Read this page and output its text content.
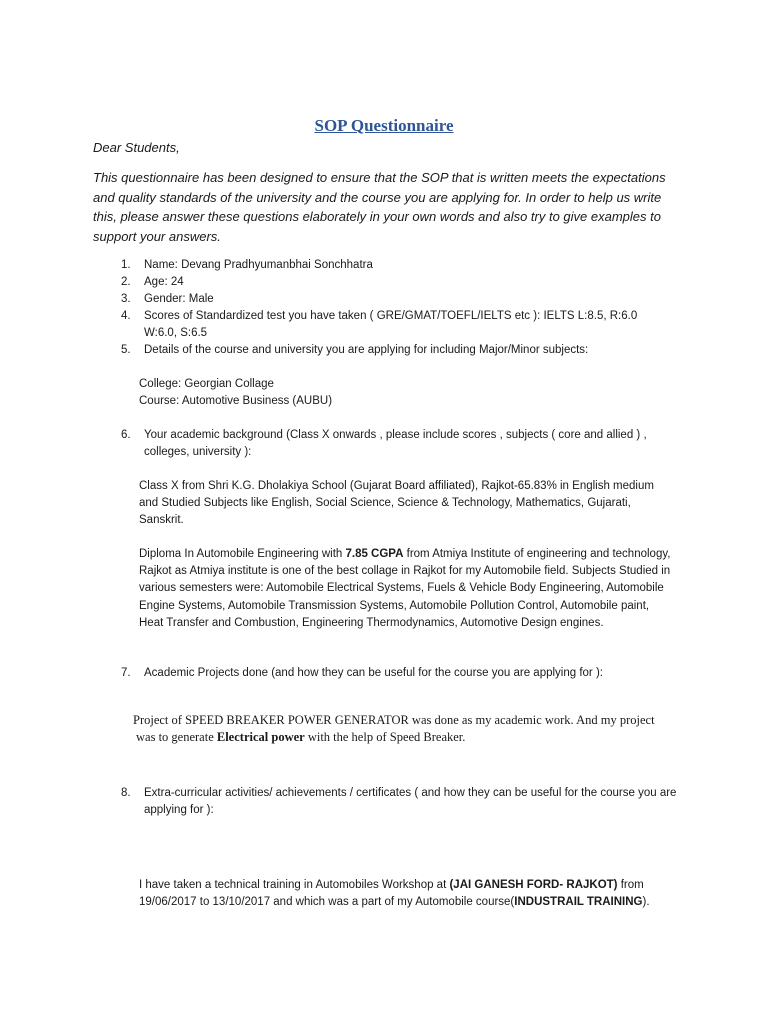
SOP Questionnaire
Dear Students,
This questionnaire has been designed to ensure that the SOP that is written meets the expectations and quality standards of the university and the course you are applying for. In order to help us write this, please answer these questions elaborately in your own words and also try to give examples to support your answers.
1.	Name: Devang Pradhyumanbhai Sonchhatra
2.	Age: 24
3.	Gender: Male
4.	Scores of Standardized test you have taken ( GRE/GMAT/TOEFL/IELTS etc ): IELTS L:8.5, R:6.0 W:6.0, S:6.5
5.	Details of the course and university you are applying for including Major/Minor subjects:
College: Georgian Collage
Course: Automotive Business (AUBU)
6.	Your academic background (Class X onwards , please include scores , subjects ( core and allied ) , colleges, university ):
Class X from Shri K.G. Dholakiya School (Gujarat Board affiliated), Rajkot-65.83% in English medium and Studied Subjects like English, Social Science, Science & Technology, Mathematics, Gujarati, Sanskrit.
Diploma In Automobile Engineering with 7.85 CGPA from Atmiya Institute of engineering and technology, Rajkot as Atmiya institute is one of the best collage in Rajkot for my Automobile field. Subjects Studied in various semesters were: Automobile Electrical Systems, Fuels & Vehicle Body Engineering, Automobile Engine Systems, Automobile Transmission Systems, Automobile Pollution Control, Automobile paint, Heat Transfer and Combustion, Engineering Thermodynamics, Automotive Design engines.
7.	Academic Projects done (and how they can be useful for the course you are applying for ):
Project of SPEED BREAKER POWER GENERATOR was done as my academic work. And my project
was to generate Electrical power with the help of Speed Breaker.
8.	Extra-curricular activities/ achievements / certificates ( and how they can be useful for the course you are applying for ):
I have taken a technical training in Automobiles Workshop at (JAI GANESH FORD- RAJKOT) from 19/06/2017 to 13/10/2017 and which was a part of my Automobile course(INDUSTRAIL TRAINING).
